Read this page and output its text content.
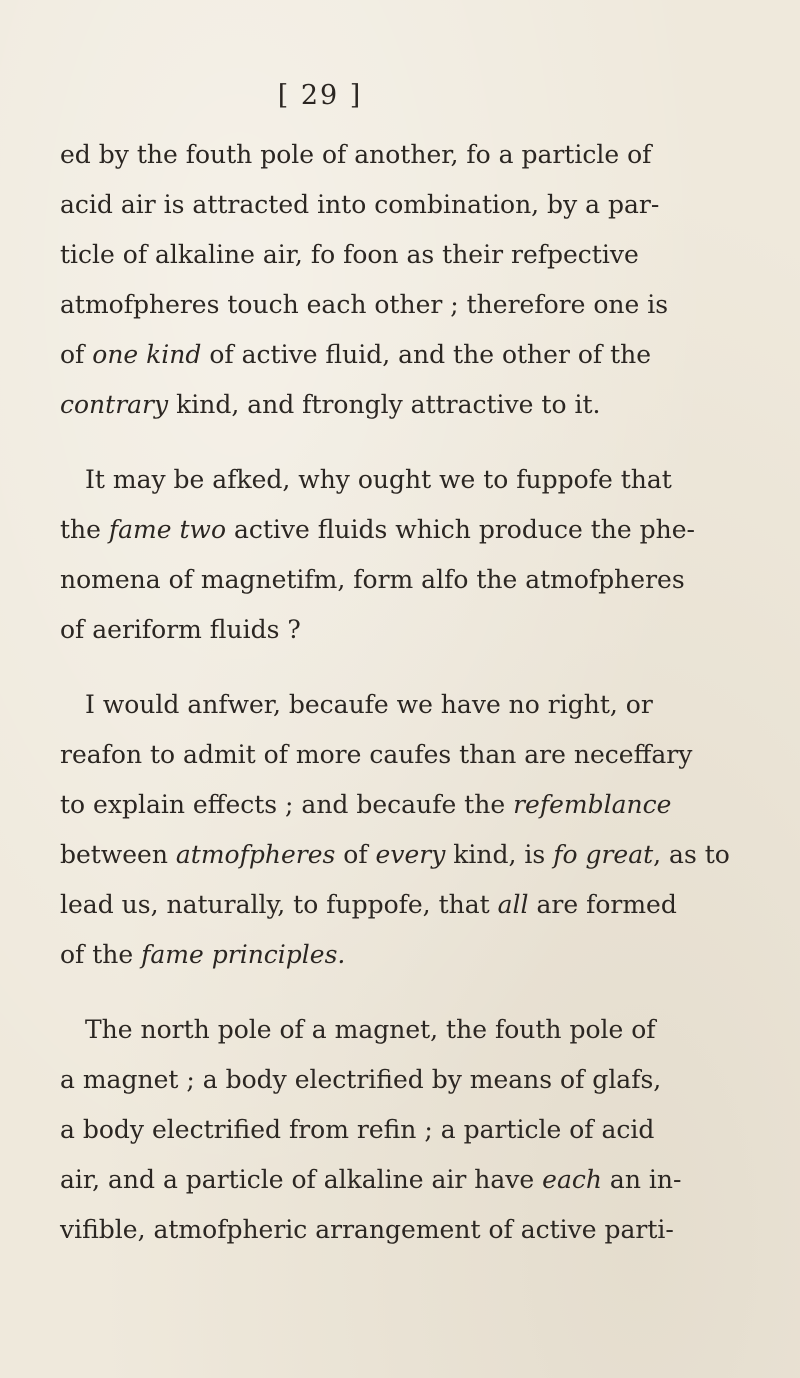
[ 29 ]
ed by the fouth pole of another, fo a particle of
acid air is attracted into combination, by a par-
ticle of alkaline air, fo foon as their refpective
atmofpheres touch each other ; therefore one is
of one kind of active fluid, and the other of the
contrary kind, and ftrongly attractive to it.
It may be afked, why ought we to fuppofe that
the fame two active fluids which produce the phe-
nomena of magnetifm, form alfo the atmofpheres
of aeriform fluids ?
I would anfwer, becaufe we have no right, or
reafon to admit of more caufes than are neceffary
to explain effects ; and becaufe the refemblance
between atmofpheres of every kind, is fo great, as to
lead us, naturally, to fuppofe, that all are formed
of the fame principles.
The north pole of a magnet, the fouth pole of
a magnet ; a body electrified by means of glafs,
a body electrified from refin ; a particle of acid
air, and a particle of alkaline air have each an in-
vifible, atmofpheric arrangement of active parti-
